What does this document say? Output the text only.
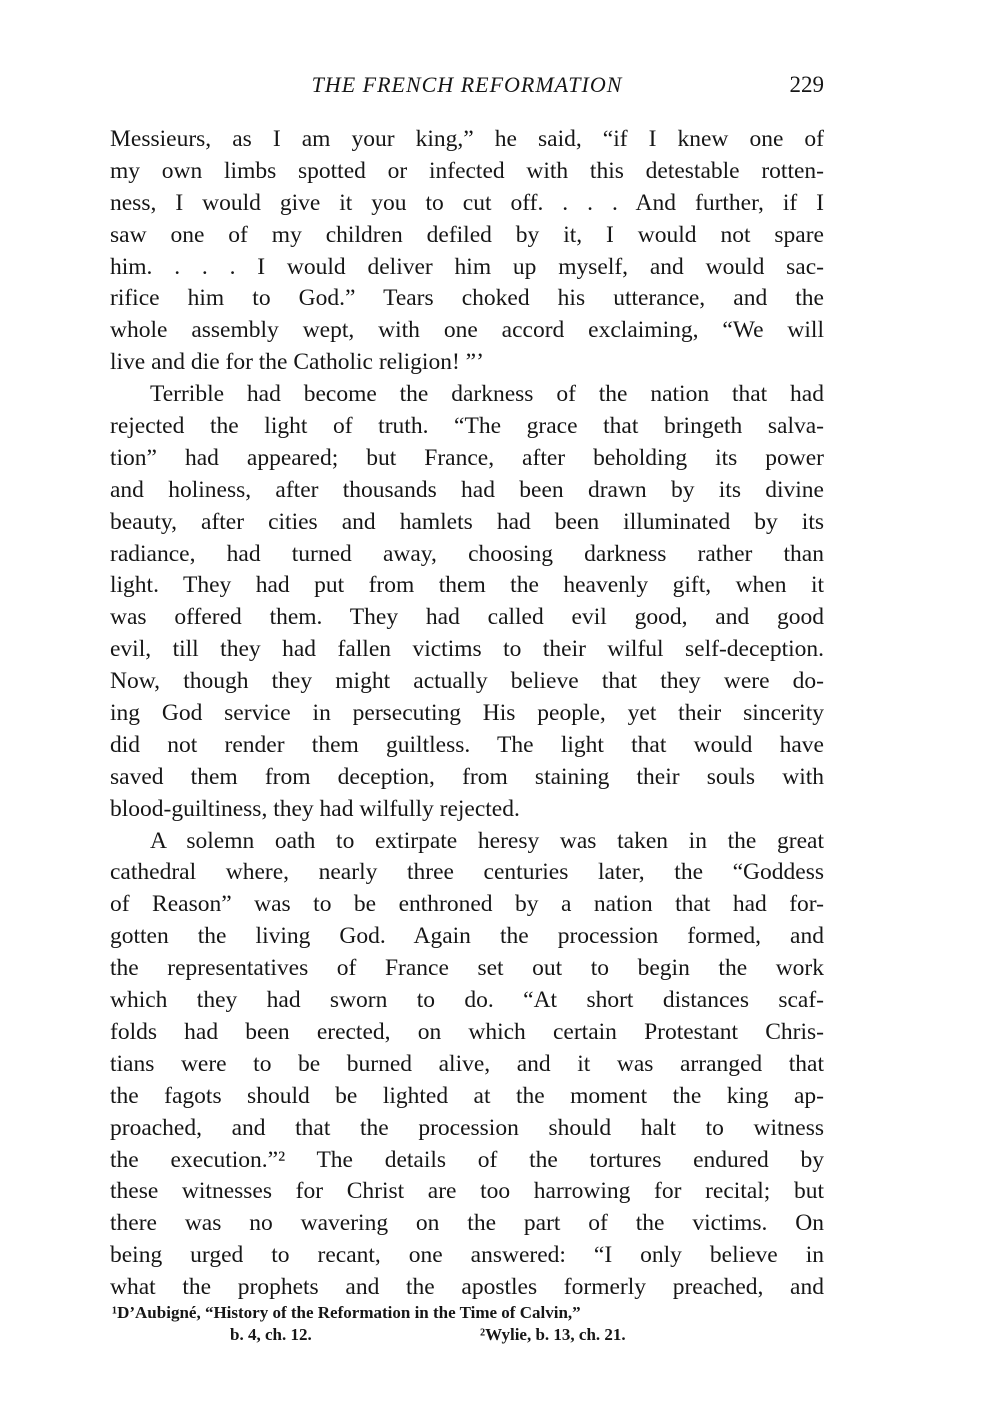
THE FRENCH REFORMATION	229
Messieurs, as I am your king,” he said, “if I knew one of
my own limbs spotted or infected with this detestable rotten-
ness, I would give it you to cut off. . . . And further, if I
saw one of my children defiled by it, I would not spare
him. . . . I would deliver him up myself, and would sac-
rifice him to God.” Tears choked his utterance, and the
whole assembly wept, with one accord exclaiming, “We will
live and die for the Catholic religion! ”’
Terrible had become the darkness of the nation that had
rejected the light of truth. “The grace that bringeth salva-
tion” had appeared; but France, after beholding its power
and holiness, after thousands had been drawn by its divine
beauty, after cities and hamlets had been illuminated by its
radiance, had turned away, choosing darkness rather than
light. They had put from them the heavenly gift, when it
was offered them. They had called evil good, and good
evil, till they had fallen victims to their wilful self-deception.
Now, though they might actually believe that they were do-
ing God service in persecuting His people, yet their sincerity
did not render them guiltless. The light that would have
saved them from deception, from staining their souls with
blood-guiltiness, they had wilfully rejected.
A solemn oath to extirpate heresy was taken in the great
cathedral where, nearly three centuries later, the “Goddess
of Reason” was to be enthroned by a nation that had for-
gotten the living God. Again the procession formed, and
the representatives of France set out to begin the work
which they had sworn to do. “At short distances scaf-
folds had been erected, on which certain Protestant Chris-
tians were to be burned alive, and it was arranged that
the fagots should be lighted at the moment the king ap-
proached, and that the procession should halt to witness
the execution.”² The details of the tortures endured by
these witnesses for Christ are too harrowing for recital; but
there was no wavering on the part of the victims. On
being urged to recant, one answered: “I only believe in
what the prophets and the apostles formerly preached, and
¹D’Aubigné, “History of the Reformation in the Time of Calvin,”
b. 4, ch. 12.	²Wylie, b. 13, ch. 21.
